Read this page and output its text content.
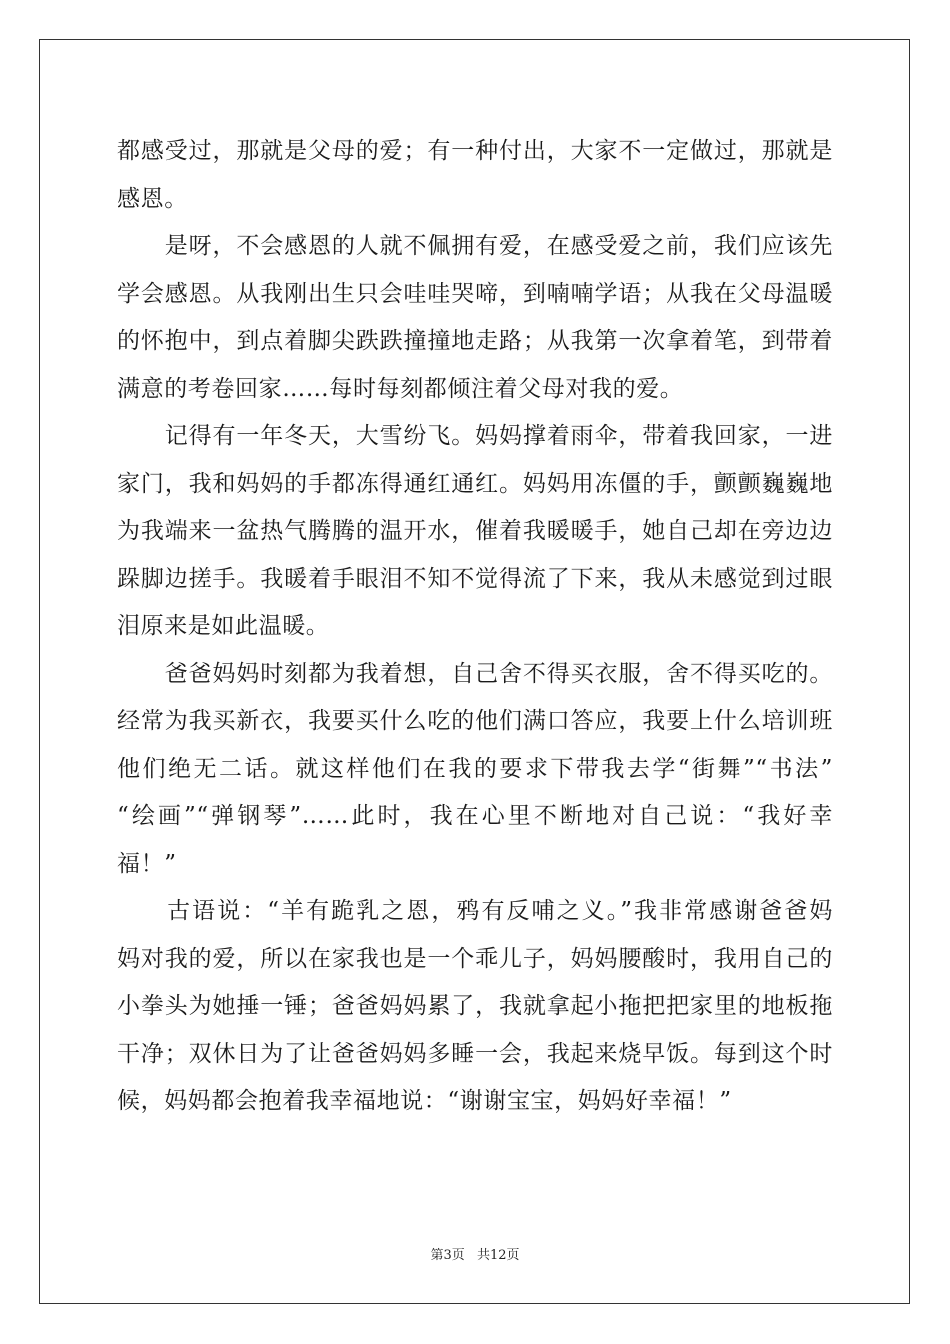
都感受过，那就是父母的爱；有一种付出，大家不一定做过，那就是
感恩。
　　是呀，不会感恩的人就不佩拥有爱，在感受爱之前，我们应该先
学会感恩。从我刚出生只会哇哇哭啼，到喃喃学语；从我在父母温暖
的怀抱中，到点着脚尖跌跌撞撞地走路；从我第一次拿着笔，到带着
满意的考卷回家……每时每刻都倾注着父母对我的爱。
　　记得有一年冬天，大雪纷飞。妈妈撑着雨伞，带着我回家，一进
家门，我和妈妈的手都冻得通红通红。妈妈用冻僵的手，颤颤巍巍地
为我端来一盆热气腾腾的温开水，催着我暖暖手，她自己却在旁边边
跺脚边搓手。我暖着手眼泪不知不觉得流了下来，我从未感觉到过眼
泪原来是如此温暖。
　　爸爸妈妈时刻都为我着想，自己舍不得买衣服，舍不得买吃的。
经常为我买新衣，我要买什么吃的他们满口答应，我要上什么培训班
他们绝无二话。就这样他们在我的要求下带我去学“街舞”“书法”
“绘画”“弹钢琴”……此时，我在心里不断地对自己说：“我好幸
福！”
　　古语说：“羊有跪乳之恩，鸦有反哺之义。”我非常感谢爸爸妈
妈对我的爱，所以在家我也是一个乖儿子，妈妈腰酸时，我用自己的
小拳头为她捶一锤；爸爸妈妈累了，我就拿起小拖把把家里的地板拖
干净；双休日为了让爸爸妈妈多睡一会，我起来烧早饭。每到这个时
候，妈妈都会抱着我幸福地说：“谢谢宝宝，妈妈好幸福！”
第3页 共12页
